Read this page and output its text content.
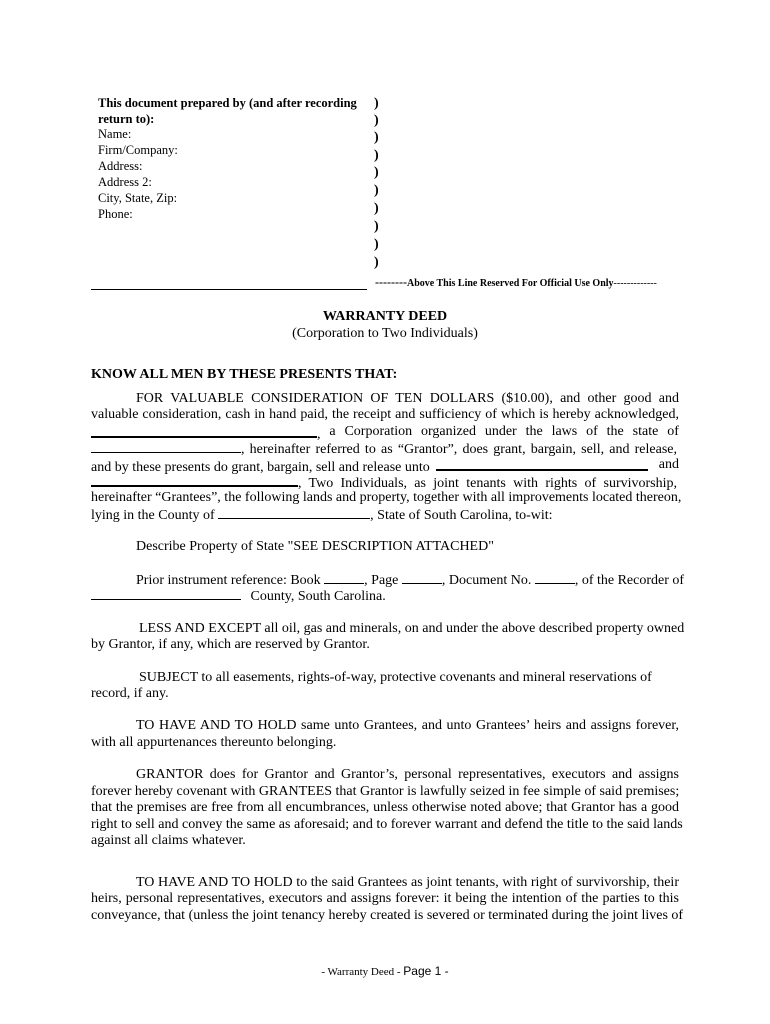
This document prepared by (and after recording
return to):
Name:
Firm/Company:
Address:
Address 2:
City, State, Zip:
Phone:
)
)
)
)
)
)
)
)
)
)
--------Above This Line Reserved For Official Use Only-------------
WARRANTY DEED
(Corporation to Two Individuals)
KNOW ALL MEN BY THESE PRESENTS THAT:
FOR VALUABLE CONSIDERATION OF TEN DOLLARS ($10.00), and other good and
valuable consideration, cash in hand paid, the receipt and sufficiency of which is hereby acknowledged,
, a Corporation organized under the laws of the state of
, hereinafter referred to as “Grantor”, does grant, bargain, sell, and release,
and by these presents do grant, bargain, sell and release unto	and
, Two Individuals, as joint tenants with rights of survivorship,
hereinafter “Grantees”, the following lands and property, together with all improvements located thereon,
lying in the County of	, State of South Carolina, to-wit:
Describe Property of State "SEE DESCRIPTION ATTACHED"
Prior instrument reference: Book	, Page	, Document No.	, of the Recorder of
County, South Carolina.
LESS AND EXCEPT all oil, gas and minerals, on and under the above described property owned
by Grantor, if any, which are reserved by Grantor.
SUBJECT to all easements, rights-of-way, protective covenants and mineral reservations of
record, if any.
TO HAVE AND TO HOLD same unto Grantees, and unto Grantees’ heirs and assigns forever,
with all appurtenances thereunto belonging.
GRANTOR does for Grantor and Grantor’s, personal representatives, executors and assigns
forever hereby covenant with GRANTEES that Grantor is lawfully seized in fee simple of said premises;
that the premises are free from all encumbrances, unless otherwise noted above; that Grantor has a good
right to sell and convey the same as aforesaid; and to forever warrant and defend the title to the said lands
against all claims whatever.
TO HAVE AND TO HOLD to the said Grantees as joint tenants, with right of survivorship, their
heirs, personal representatives, executors and assigns forever: it being the intention of the parties to this
conveyance, that (unless the joint tenancy hereby created is severed or terminated during the joint lives of
- Warranty Deed - Page 1 -
